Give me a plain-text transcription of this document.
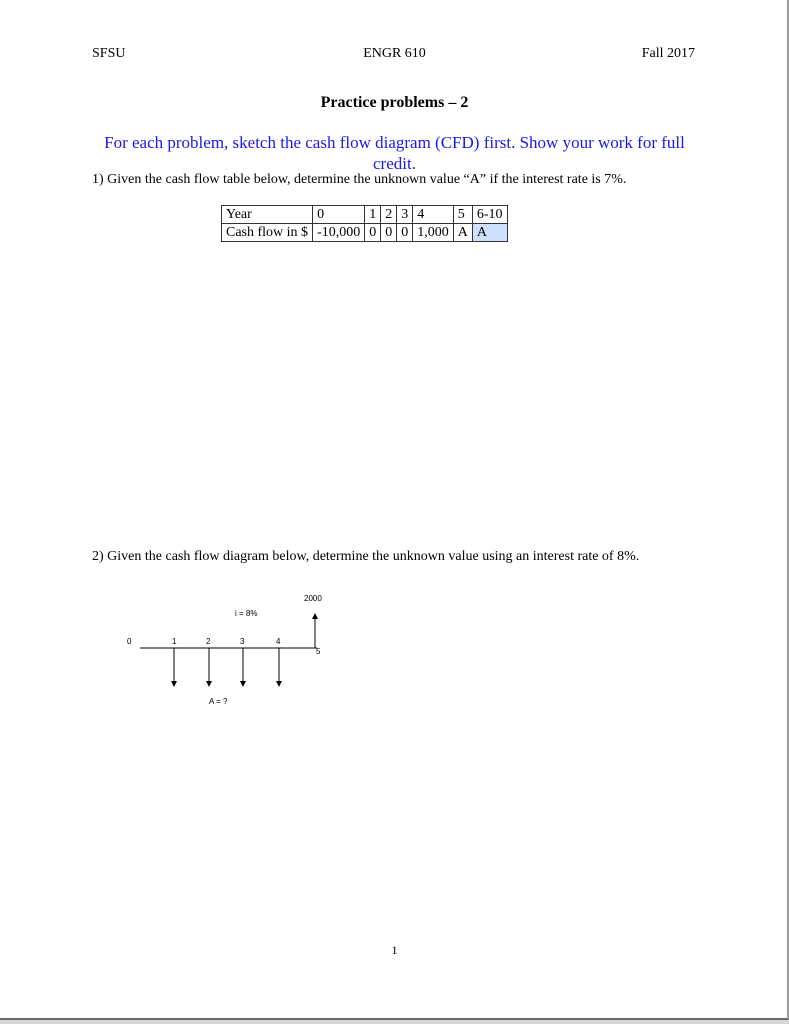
SFSU	ENGR 610	Fall 2017
Practice problems – 2
For each problem, sketch the cash flow diagram (CFD) first. Show your work for full credit.
1) Given the cash flow table below, determine the unknown value “A” if the interest rate is 7%.
Year	0	1	2	3	4	5	6-10
Cash flow in $	-10,000	0	0	0	1,000	A	A
2) Given the cash flow diagram below, determine the unknown value using an interest rate of 8%.
0	1	2	3	4
5
i = 8%
2000
A = ?
1
